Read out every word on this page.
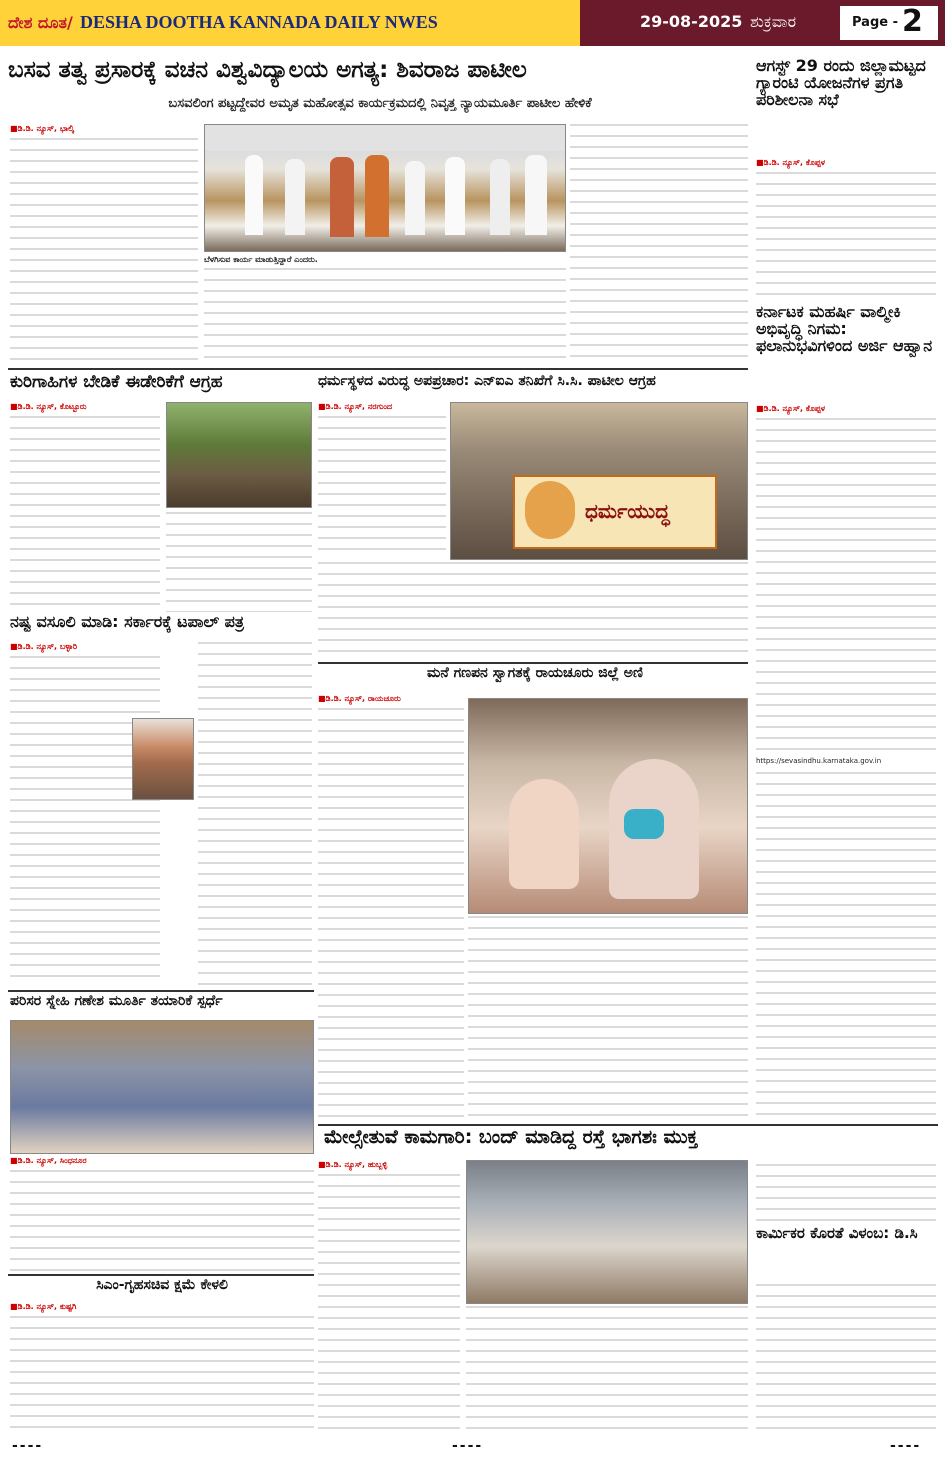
ದೇಶ ದೂತ/ DESHA DOOTHA KANNADA DAILY NWES	29-08-2025 ಶುಕ್ರವಾರ	Page - 2
ಬಸವ ತತ್ವ ಪ್ರಸಾರಕ್ಕೆ ವಚನ ವಿಶ್ವವಿದ್ಯಾಲಯ ಅಗತ್ಯ: ಶಿವರಾಜ ಪಾಟೀಲ
ಬಸವಲಿಂಗ ಪಟ್ಟದ್ದೇವರ ಅಮೃತ ಮಹೋತ್ಸವ ಕಾರ್ಯಕ್ರಮದಲ್ಲಿ ನಿವೃತ್ತ ನ್ಯಾಯಮೂರ್ತಿ ಪಾಟೀಲ ಹೇಳಿಕೆ
■ಡಿ.ಡಿ. ನ್ಯೂಸ್, ಭಾಲ್ಕಿ
ಬೆಳಗಿಸುವ ಕಾರ್ಯ ಮಾಡುತ್ತಿದ್ದಾರೆ ಎಂದರು.
ಆಗಸ್ಟ್ 29 ರಂದು ಜಿಲ್ಲಾಮಟ್ಟದ ಗ್ಯಾರಂಟಿ ಯೋಜನೆಗಳ ಪ್ರಗತಿ ಪರಿಶೀಲನಾ ಸಭೆ
■ಡಿ.ಡಿ. ನ್ಯೂಸ್, ಕೊಪ್ಪಳ
ಕರ್ನಾಟಕ ಮಹರ್ಷಿ ವಾಲ್ಮೀಕಿ ಅಭಿವೃದ್ಧಿ ನಿಗಮ: ಫಲಾನುಭವಿಗಳಿಂದ ಅರ್ಜಿ ಆಹ್ವಾನ
■ಡಿ.ಡಿ. ನ್ಯೂಸ್, ಕೊಪ್ಪಳ
https://sevasindhu.karnataka.gov.in
ಕುರಿಗಾಹಿಗಳ ಬೇಡಿಕೆ ಈಡೇರಿಕೆಗೆ ಆಗ್ರಹ
■ಡಿ.ಡಿ. ನ್ಯೂಸ್, ಕೊಟ್ಟೂರು
ಧರ್ಮಸ್ಥಳದ ವಿರುದ್ಧ ಅಪಪ್ರಚಾರ: ಎನ್ಐಎ ತನಿಖೆಗೆ ಸಿ.ಸಿ. ಪಾಟೀಲ ಆಗ್ರಹ
■ಡಿ.ಡಿ. ನ್ಯೂಸ್, ನರಗುಂದ
ಧರ್ಮಯುದ್ಧ
ನಷ್ಟ ವಸೂಲಿ ಮಾಡಿ: ಸರ್ಕಾರಕ್ಕೆ ಟಪಾಲ್ ಪತ್ರ
■ಡಿ.ಡಿ. ನ್ಯೂಸ್, ಬಳ್ಳಾರಿ
ಮನೆ ಗಣಪನ ಸ್ವಾಗತಕ್ಕೆ ರಾಯಚೂರು ಜಿಲ್ಲೆ ಅಣಿ
■ಡಿ.ಡಿ. ನ್ಯೂಸ್, ರಾಯಚೂರು
ಪರಿಸರ ಸ್ನೇಹಿ ಗಣೇಶ ಮೂರ್ತಿ ತಯಾರಿಕೆ ಸ್ಪರ್ಧೆ
■ಡಿ.ಡಿ. ನ್ಯೂಸ್, ಸಿಂಧನೂರ
ಸಿಎಂ-ಗೃಹಸಚಿವ ಕ್ಷಮೆ ಕೇಳಲಿ
■ಡಿ.ಡಿ. ನ್ಯೂಸ್, ಕುಷ್ಟಗಿ
ಮೇಲ್ಸೇತುವೆ ಕಾಮಗಾರಿ: ಬಂದ್ ಮಾಡಿದ್ದ ರಸ್ತೆ ಭಾಗಶಃ ಮುಕ್ತ
■ಡಿ.ಡಿ. ನ್ಯೂಸ್, ಹುಬ್ಬಳ್ಳಿ
ಕಾರ್ಮಿಕರ ಕೊರತೆ ವಿಳಂಬ: ಡಿ.ಸಿ
----	----	----
